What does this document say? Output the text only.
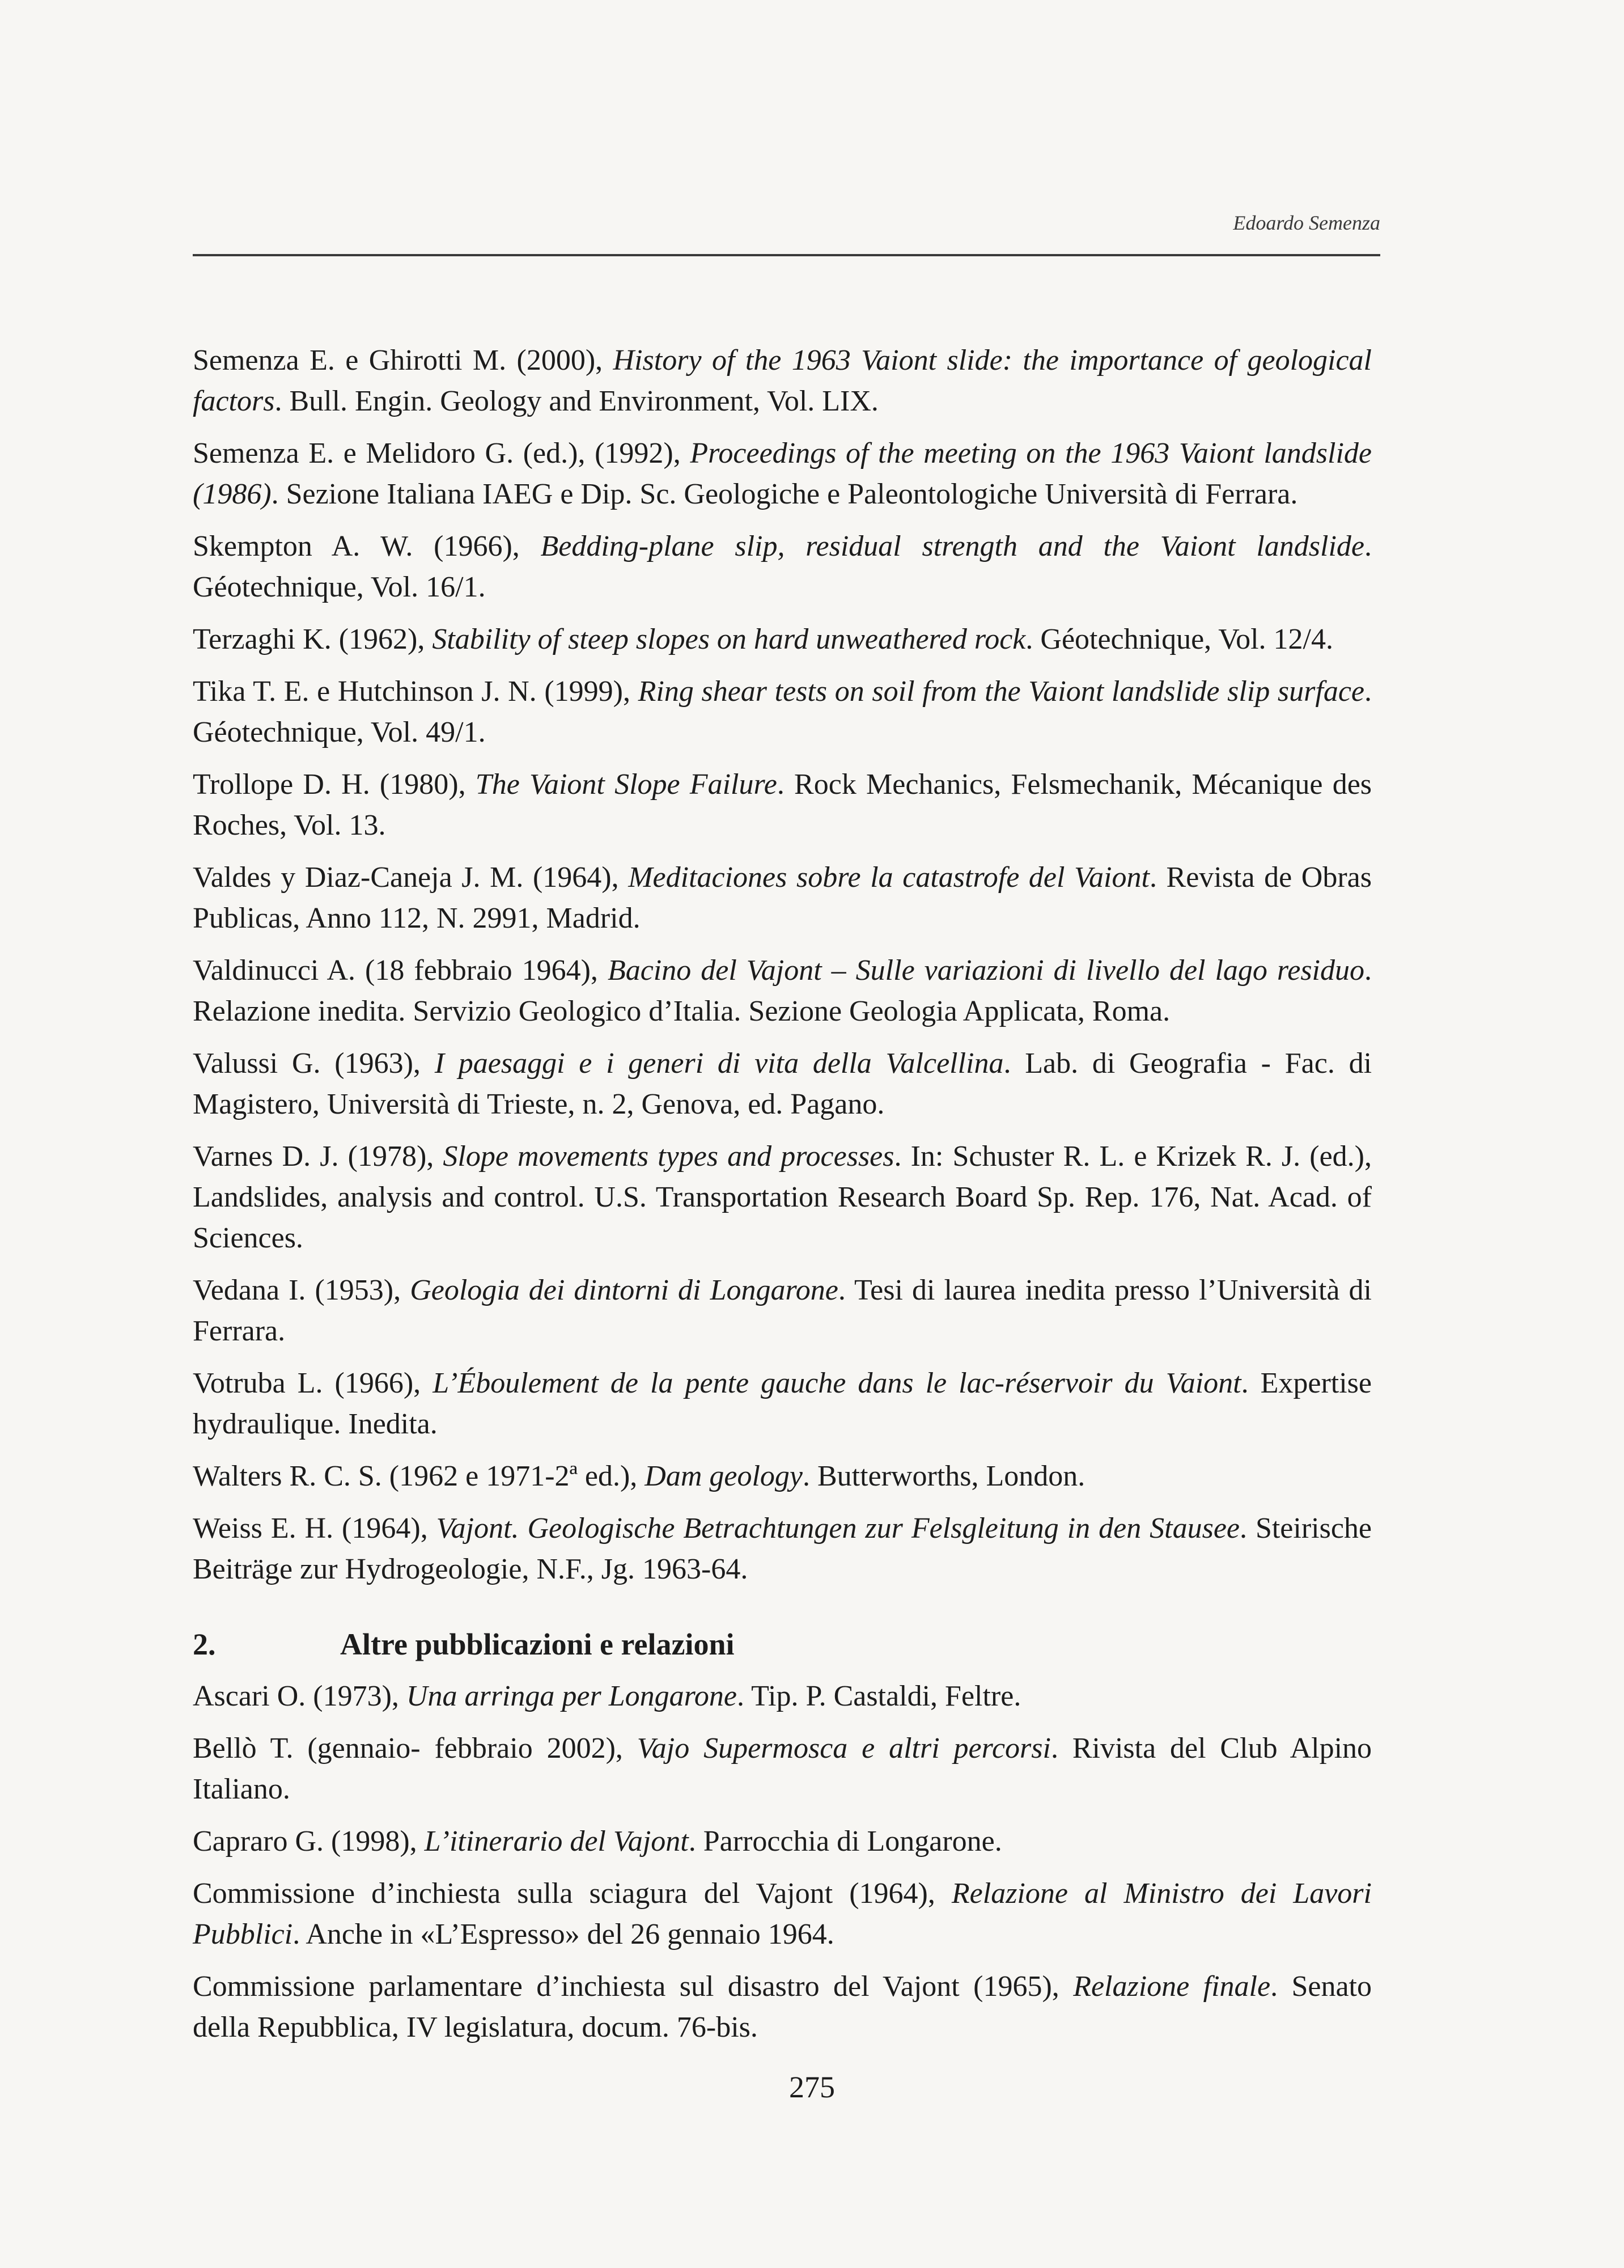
Edoardo Semenza

Semenza E. e Ghirotti M. (2000), History of the 1963 Vaiont slide: the importance of geological factors. Bull. Engin. Geology and Environment, Vol. LIX.

Semenza E. e Melidoro G. (ed.), (1992), Proceedings of the meeting on the 1963 Vaiont landslide (1986). Sezione Italiana IAEG e Dip. Sc. Geologiche e Paleontologiche Università di Ferrara.

Skempton A. W. (1966), Bedding-plane slip, residual strength and the Vaiont landslide. Géotechnique, Vol. 16/1.

Terzaghi K. (1962), Stability of steep slopes on hard unweathered rock. Géotechnique, Vol. 12/4.

Tika T. E. e Hutchinson J. N. (1999), Ring shear tests on soil from the Vaiont landslide slip surface. Géotechnique, Vol. 49/1.

Trollope D. H. (1980), The Vaiont Slope Failure. Rock Mechanics, Felsmechanik, Mécanique des Roches, Vol. 13.

Valdes y Diaz-Caneja J. M. (1964), Meditaciones sobre la catastrofe del Vaiont. Revista de Obras Publicas, Anno 112, N. 2991, Madrid.

Valdinucci A. (18 febbraio 1964), Bacino del Vajont – Sulle variazioni di livello del lago residuo. Relazione inedita. Servizio Geologico d’Italia. Sezione Geologia Applicata, Roma.

Valussi G. (1963), I paesaggi e i generi di vita della Valcellina. Lab. di Geografia - Fac. di Magistero, Università di Trieste, n. 2, Genova, ed. Pagano.

Varnes D. J. (1978), Slope movements types and processes. In: Schuster R. L. e Krizek R. J. (ed.), Landslides, analysis and control. U.S. Transportation Research Board Sp. Rep. 176, Nat. Acad. of Sciences.

Vedana I. (1953), Geologia dei dintorni di Longarone. Tesi di laurea inedita presso l’Università di Ferrara.

Votruba L. (1966), L’Éboulement de la pente gauche dans le lac-réservoir du Vaiont. Expertise hydraulique. Inedita.

Walters R. C. S. (1962 e 1971-2ª ed.), Dam geology. Butterworths, London.

Weiss E. H. (1964), Vajont. Geologische Betrachtungen zur Felsgleitung in den Stausee. Steirische Beiträge zur Hydrogeologie, N.F., Jg. 1963-64.

2.	Altre pubblicazioni e relazioni

Ascari O. (1973), Una arringa per Longarone. Tip. P. Castaldi, Feltre.

Bellò T. (gennaio- febbraio 2002), Vajo Supermosca e altri percorsi. Rivista del Club Alpino Italiano.

Capraro G. (1998), L’itinerario del Vajont. Parrocchia di Longarone.

Commissione d’inchiesta sulla sciagura del Vajont (1964), Relazione al Ministro dei Lavori Pubblici. Anche in «L’Espresso» del 26 gennaio 1964.

Commissione parlamentare d’inchiesta sul disastro del Vajont (1965), Relazione finale. Senato della Repubblica, IV legislatura, docum. 76-bis.

275
